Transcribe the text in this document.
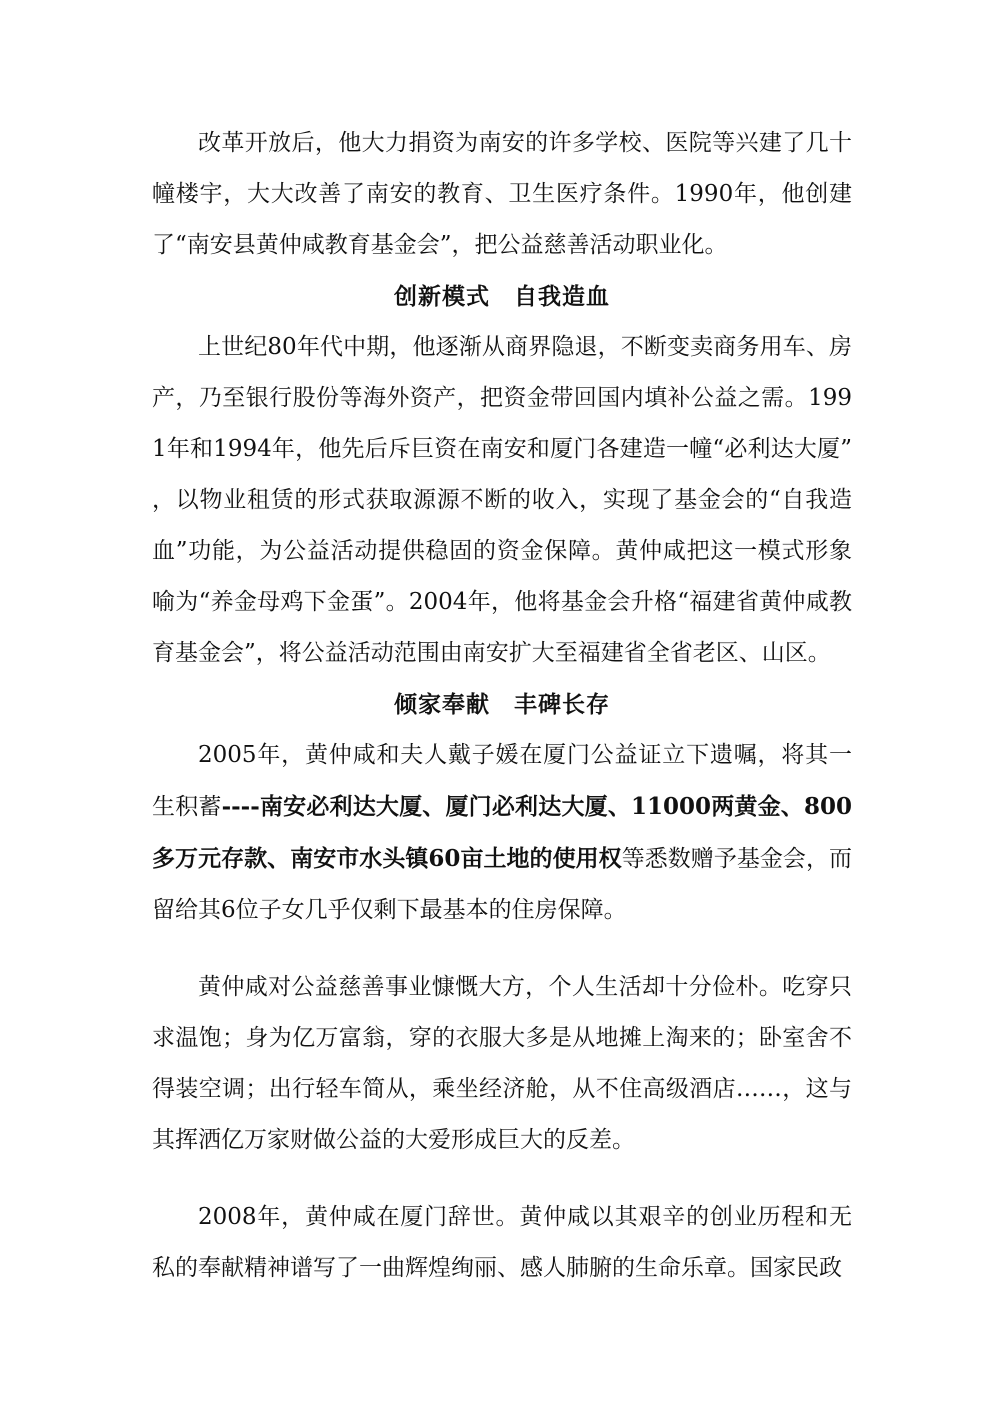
改革开放后，他大力捐资为南安的许多学校、医院等兴建了几十幢楼宇，大大改善了南安的教育、卫生医疗条件。1990年，他创建了“南安县黄仲咸教育基金会”，把公益慈善活动职业化。

创新模式 自我造血

上世纪80年代中期，他逐渐从商界隐退，不断变卖商务用车、房产，乃至银行股份等海外资产，把资金带回国内填补公益之需。1991年和1994年，他先后斥巨资在南安和厦门各建造一幢“必利达大厦”，以物业租赁的形式获取源源不断的收入，实现了基金会的“自我造血”功能，为公益活动提供稳固的资金保障。黄仲咸把这一模式形象喻为“养金母鸡下金蛋”。2004年，他将基金会升格“福建省黄仲咸教育基金会”，将公益活动范围由南安扩大至福建省全省老区、山区。

倾家奉献 丰碑长存

2005年，黄仲咸和夫人戴子媛在厦门公益证立下遗嘱，将其一生积蓄----南安必利达大厦、厦门必利达大厦、11000两黄金、800多万元存款、南安市水头镇60亩土地的使用权等悉数赠予基金会，而留给其6位子女几乎仅剩下最基本的住房保障。

黄仲咸对公益慈善事业慷慨大方，个人生活却十分俭朴。吃穿只求温饱；身为亿万富翁，穿的衣服大多是从地摊上淘来的；卧室舍不得装空调；出行轻车简从，乘坐经济舱，从不住高级酒店……，这与其挥洒亿万家财做公益的大爱形成巨大的反差。

2008年，黄仲咸在厦门辞世。黄仲咸以其艰辛的创业历程和无私的奉献精神谱写了一曲辉煌绚丽、感人肺腑的生命乐章。国家民政
